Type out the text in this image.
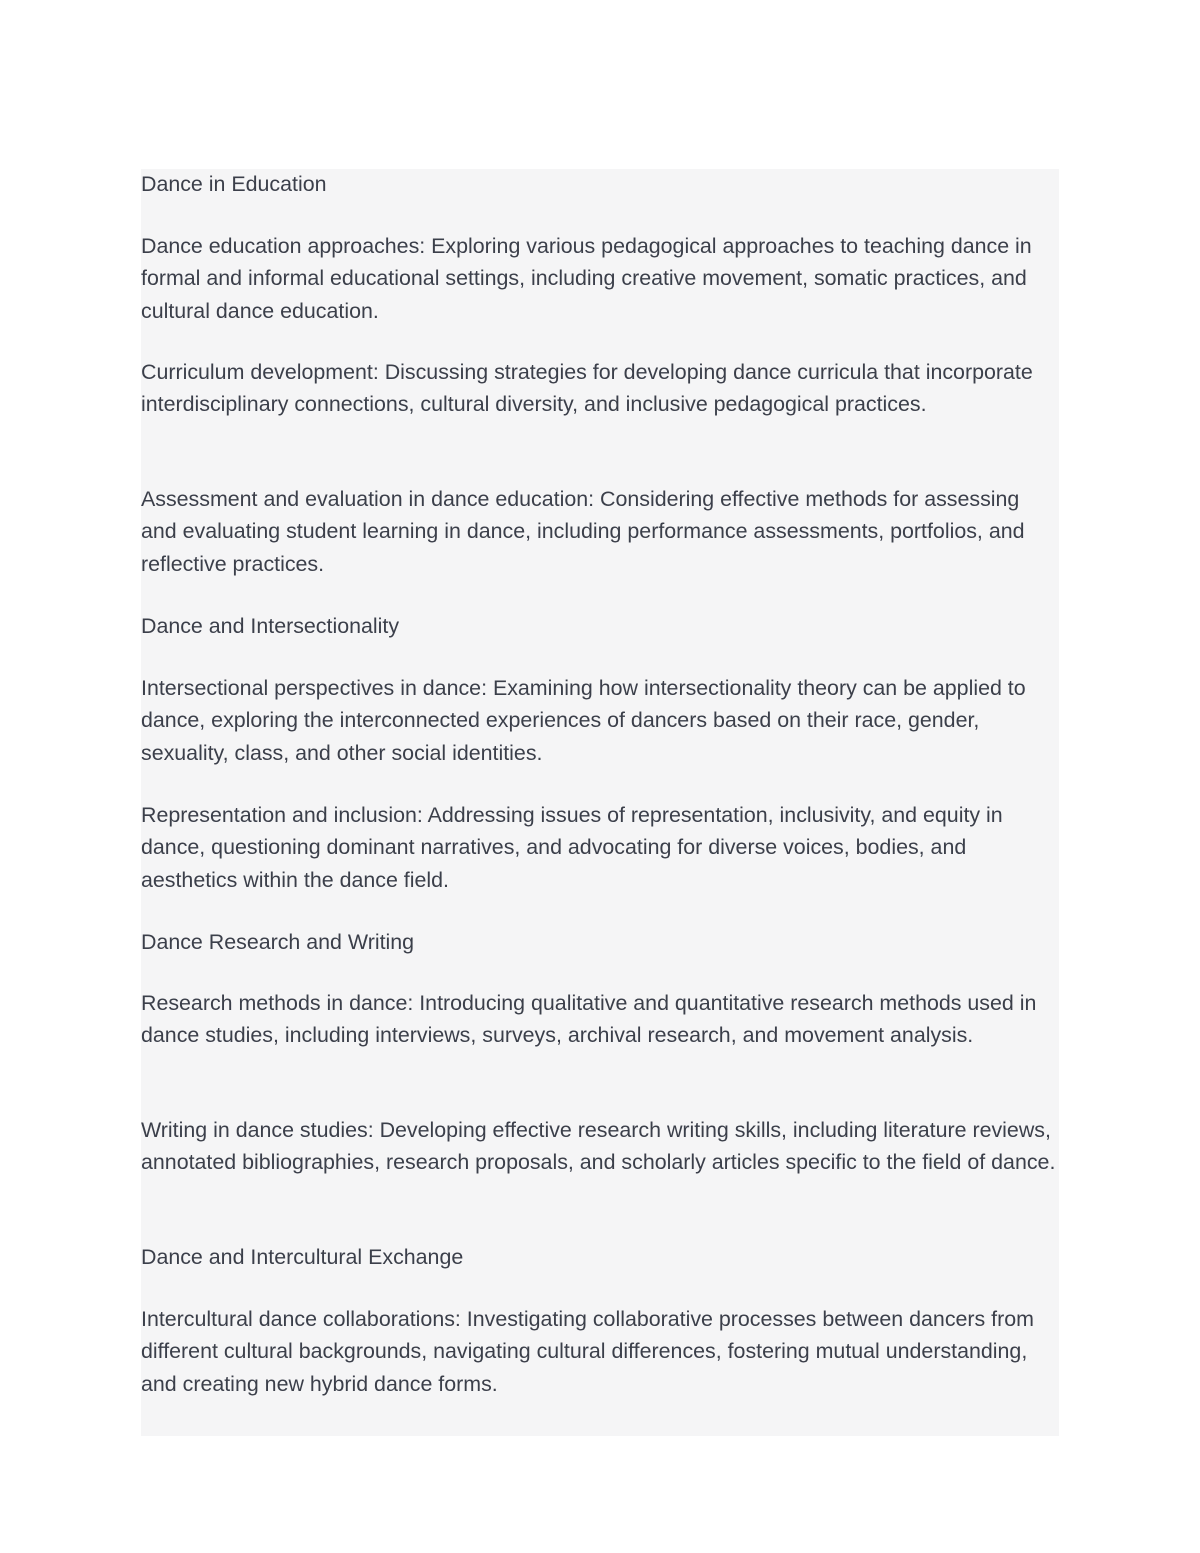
Dance in Education

Dance education approaches: Exploring various pedagogical approaches to teaching dance in formal and informal educational settings, including creative movement, somatic practices, and cultural dance education.

Curriculum development: Discussing strategies for developing dance curricula that incorporate interdisciplinary connections, cultural diversity, and inclusive pedagogical practices.

Assessment and evaluation in dance education: Considering effective methods for assessing and evaluating student learning in dance, including performance assessments, portfolios, and reflective practices.

Dance and Intersectionality

Intersectional perspectives in dance: Examining how intersectionality theory can be applied to dance, exploring the interconnected experiences of dancers based on their race, gender, sexuality, class, and other social identities.

Representation and inclusion: Addressing issues of representation, inclusivity, and equity in dance, questioning dominant narratives, and advocating for diverse voices, bodies, and aesthetics within the dance field.

Dance Research and Writing

Research methods in dance: Introducing qualitative and quantitative research methods used in dance studies, including interviews, surveys, archival research, and movement analysis.

Writing in dance studies: Developing effective research writing skills, including literature reviews, annotated bibliographies, research proposals, and scholarly articles specific to the field of dance.

Dance and Intercultural Exchange

Intercultural dance collaborations: Investigating collaborative processes between dancers from different cultural backgrounds, navigating cultural differences, fostering mutual understanding, and creating new hybrid dance forms.
